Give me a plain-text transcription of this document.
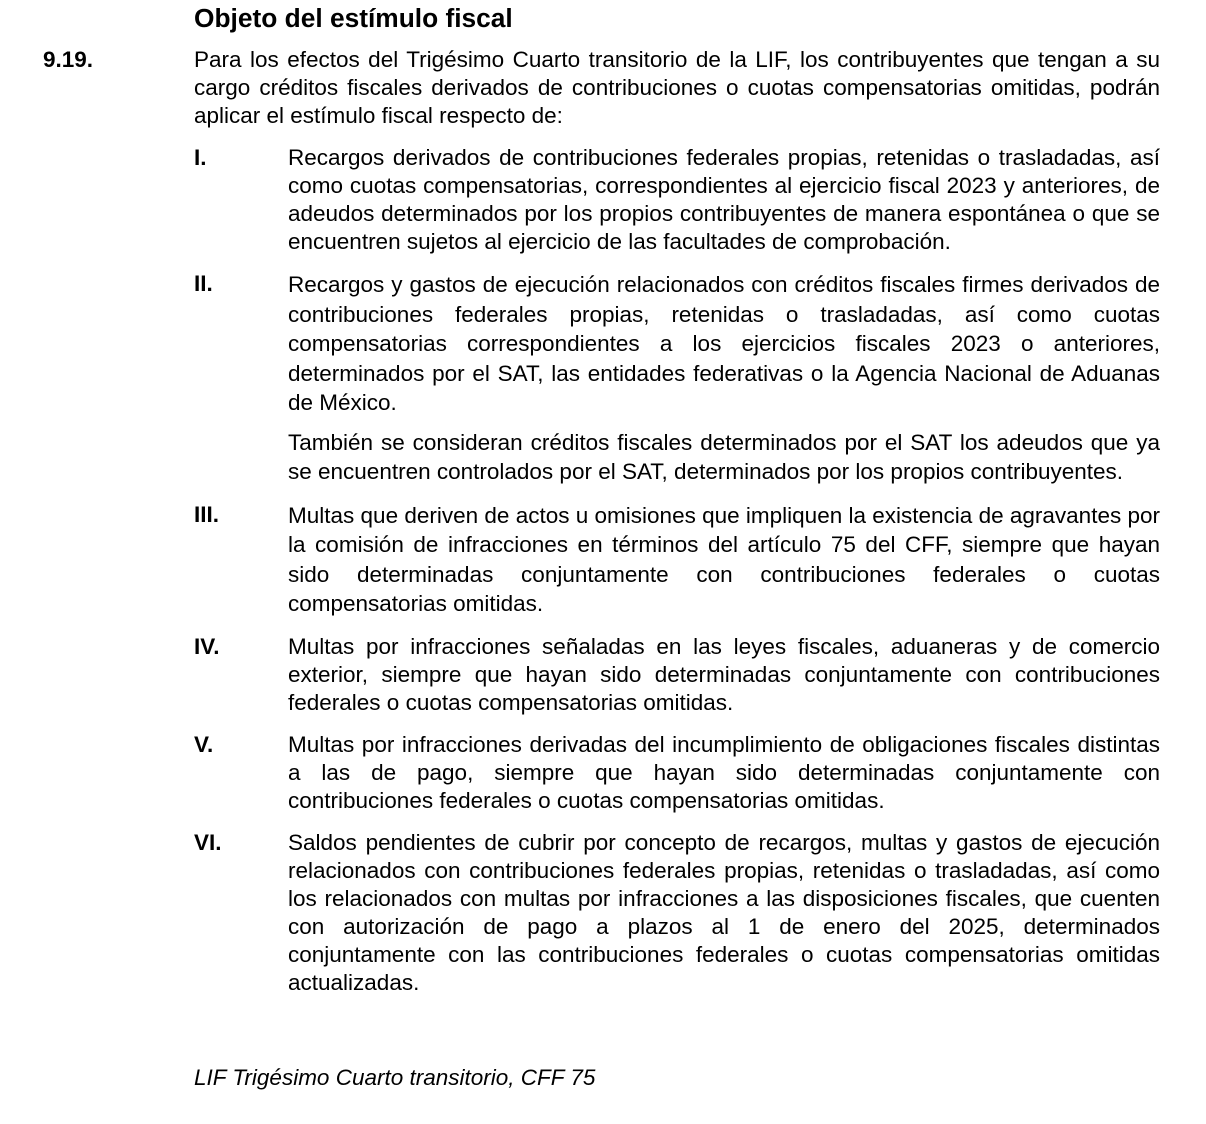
Objeto del estímulo fiscal
9.19.	Para los efectos del Trigésimo Cuarto transitorio de la LIF, los contribuyentes que tengan a su cargo créditos fiscales derivados de contribuciones o cuotas compensatorias omitidas, podrán aplicar el estímulo fiscal respecto de:

I.	Recargos derivados de contribuciones federales propias, retenidas o trasladadas, así como cuotas compensatorias, correspondientes al ejercicio fiscal 2023 y anteriores, de adeudos determinados por los propios contribuyentes de manera espontánea o que se encuentren sujetos al ejercicio de las facultades de comprobación.

II.	Recargos y gastos de ejecución relacionados con créditos fiscales firmes derivados de contribuciones federales propias, retenidas o trasladadas, así como cuotas compensatorias correspondientes a los ejercicios fiscales 2023 o anteriores, determinados por el SAT, las entidades federativas o la Agencia Nacional de Aduanas de México.

También se consideran créditos fiscales determinados por el SAT los adeudos que ya se encuentren controlados por el SAT, determinados por los propios contribuyentes.

III.	Multas que deriven de actos u omisiones que impliquen la existencia de agravantes por la comisión de infracciones en términos del artículo 75 del CFF, siempre que hayan sido determinadas conjuntamente con contribuciones federales o cuotas compensatorias omitidas.

IV.	Multas por infracciones señaladas en las leyes fiscales, aduaneras y de comercio exterior, siempre que hayan sido determinadas conjuntamente con contribuciones federales o cuotas compensatorias omitidas.

V.	Multas por infracciones derivadas del incumplimiento de obligaciones fiscales distintas a las de pago, siempre que hayan sido determinadas conjuntamente con contribuciones federales o cuotas compensatorias omitidas.

VI.	Saldos pendientes de cubrir por concepto de recargos, multas y gastos de ejecución relacionados con contribuciones federales propias, retenidas o trasladadas, así como los relacionados con multas por infracciones a las disposiciones fiscales, que cuenten con autorización de pago a plazos al 1 de enero del 2025, determinados conjuntamente con las contribuciones federales o cuotas compensatorias omitidas actualizadas.

LIF Trigésimo Cuarto transitorio, CFF 75
